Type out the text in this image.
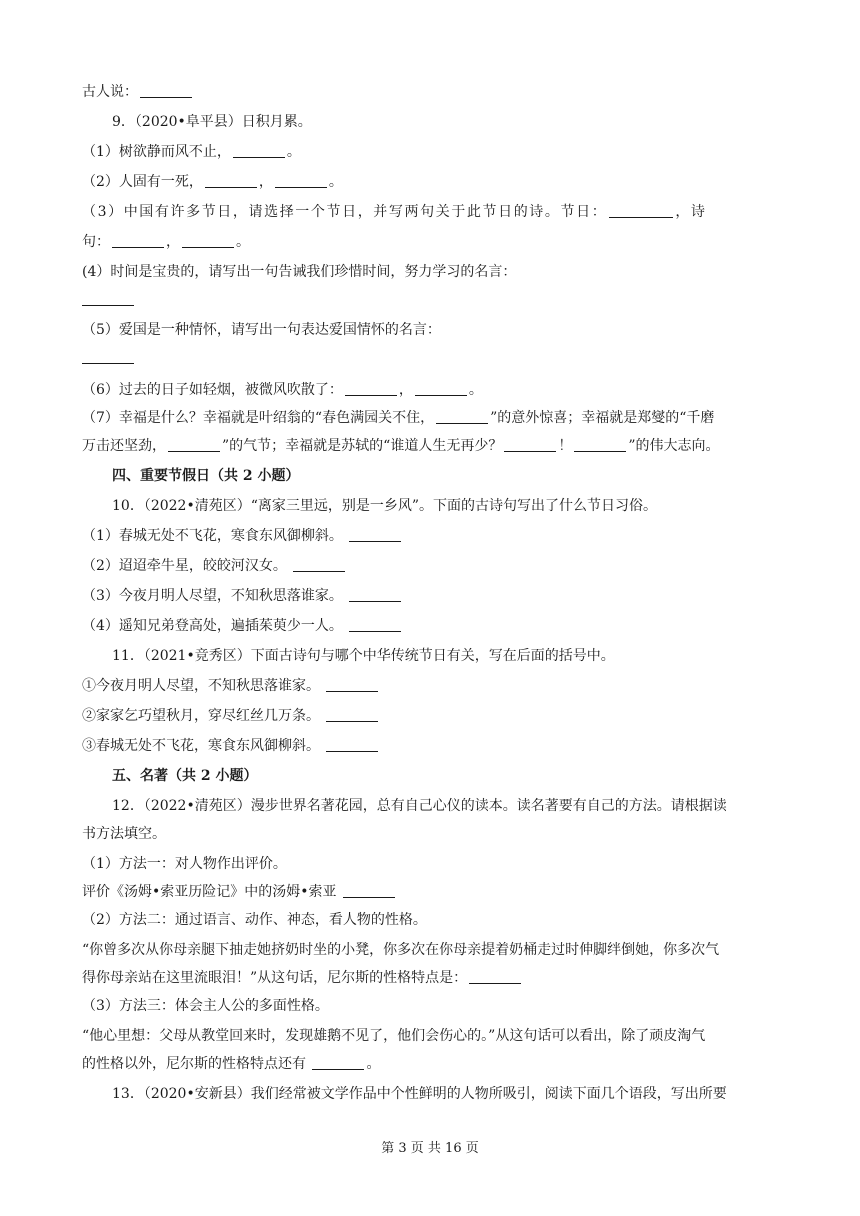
古人说：
9．（2020•阜平县）日积月累。
（1）树欲静而风不止，	。
（2）人固有一死，	，	。
（3）中国有许多节日，请选择一个节日，并写两句关于此节日的诗。节日：	，诗
句：	，	。
(4）时间是宝贵的，请写出一句告诫我们珍惜时间，努力学习的名言：
（5）爱国是一种情怀，请写出一句表达爱国情怀的名言：
（6）过去的日子如轻烟，被微风吹散了：	，	。
（7）幸福是什么？幸福就是叶绍翁的“春色满园关不住，	”的意外惊喜；幸福就是郑燮的“千磨
万击还坚劲，	”的气节；幸福就是苏轼的“谁道人生无再少？	！	”的伟大志向。
四、重要节假日（共 2 小题）
10．（2022•清苑区）“离家三里远，别是一乡风”。下面的古诗句写出了什么节日习俗。
（1）春城无处不飞花，寒食东风御柳斜。
（2）迢迢牵牛星，皎皎河汉女。
（3）今夜月明人尽望，不知秋思落谁家。
（4）遥知兄弟登高处，遍插茱萸少一人。
11．（2021•竞秀区）下面古诗句与哪个中华传统节日有关，写在后面的括号中。
①今夜月明人尽望，不知秋思落谁家。
②家家乞巧望秋月，穿尽红丝几万条。
③春城无处不飞花，寒食东风御柳斜。
五、名著（共 2 小题）
12．（2022•清苑区）漫步世界名著花园，总有自己心仪的读本。读名著要有自己的方法。请根据读
书方法填空。
（1）方法一：对人物作出评价。
评价《汤姆•索亚历险记》中的汤姆•索亚
（2）方法二：通过语言、动作、神态，看人物的性格。
“你曾多次从你母亲腿下抽走她挤奶时坐的小凳，你多次在你母亲提着奶桶走过时伸脚绊倒她，你多次气
得你母亲站在这里流眼泪！”从这句话，尼尔斯的性格特点是：
（3）方法三：体会主人公的多面性格。
“他心里想：父母从教堂回来时，发现雄鹅不见了，他们会伤心的。”从这句话可以看出，除了顽皮淘气
的性格以外，尼尔斯的性格特点还有	。
13．（2020•安新县）我们经常被文学作品中个性鲜明的人物所吸引，阅读下面几个语段，写出所要
第 3 页 共 16 页
